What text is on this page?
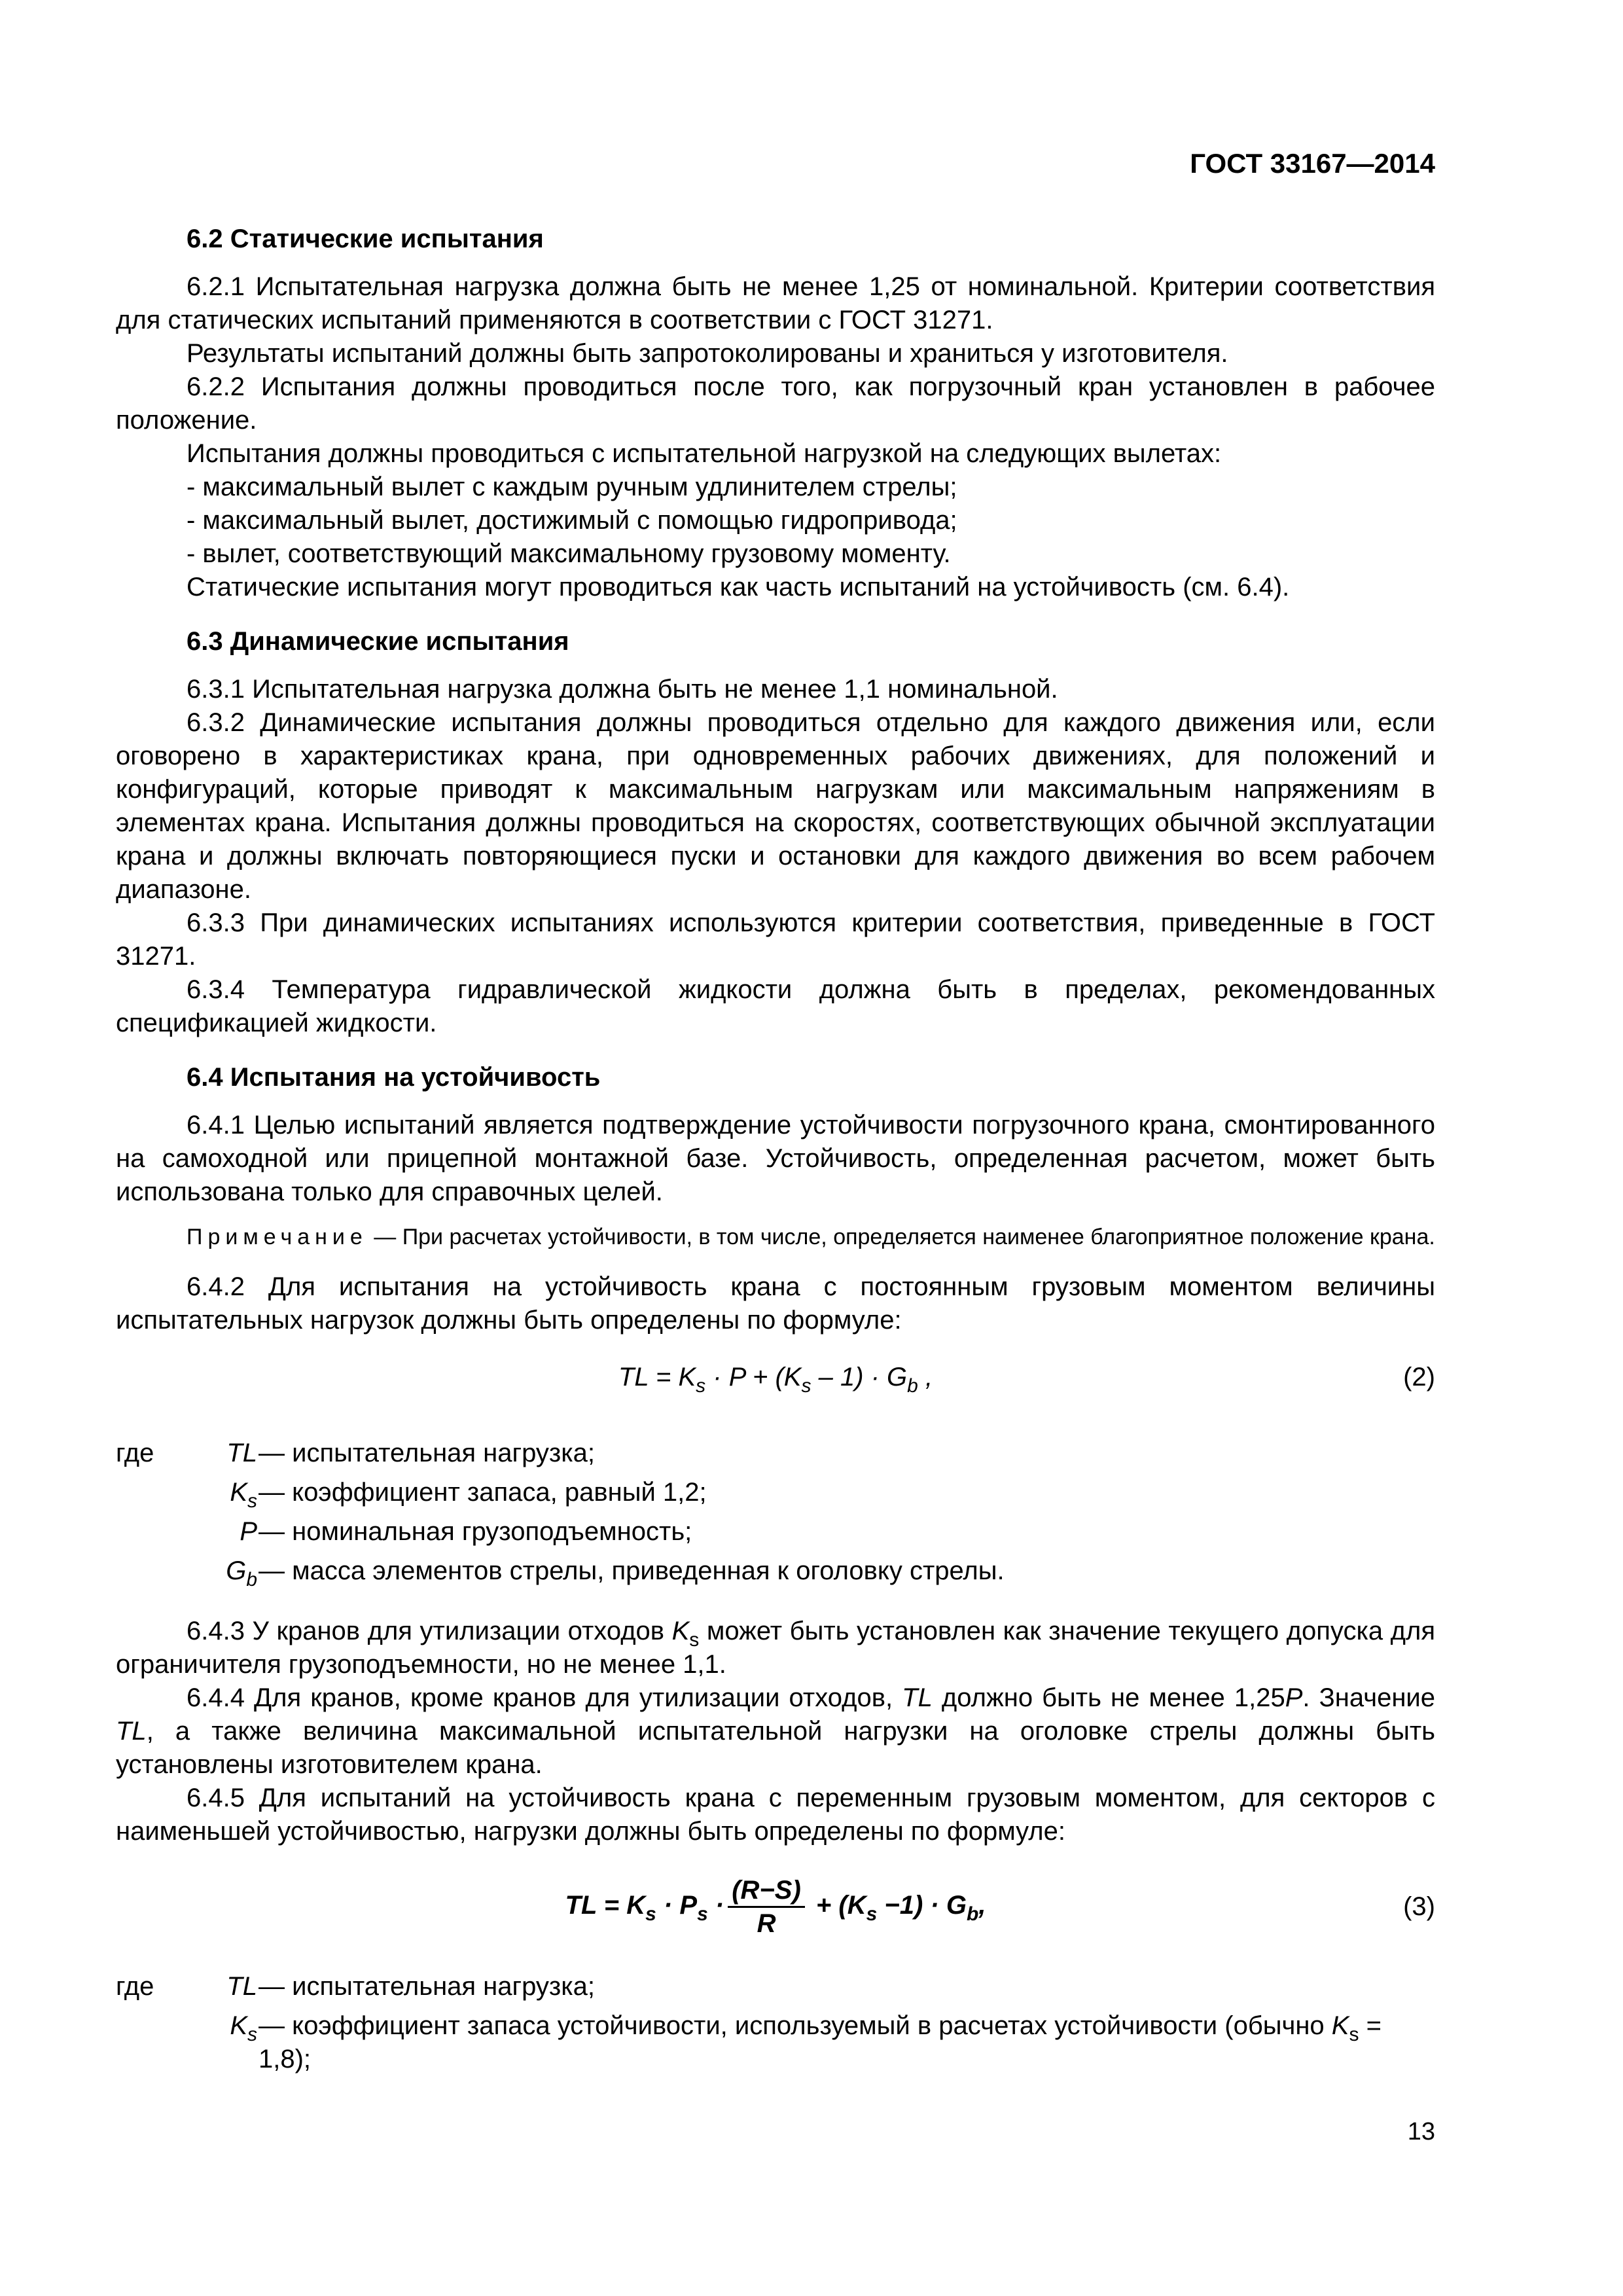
ГОСТ 33167—2014
6.2 Статические испытания

6.2.1 Испытательная нагрузка должна быть не менее 1,25 от номинальной. Критерии соответствия для статических испытаний применяются в соответствии с ГОСТ 31271.

Результаты испытаний должны быть запротоколированы и храниться у изготовителя.

6.2.2 Испытания должны проводиться после того, как погрузочный кран установлен в рабочее положение.

Испытания должны проводиться с испытательной нагрузкой на следующих вылетах:

- максимальный вылет с каждым ручным удлинителем стрелы;

- максимальный вылет, достижимый с помощью гидропривода;

- вылет, соответствующий максимальному грузовому моменту.

Статические испытания могут проводиться как часть испытаний на устойчивость (см. 6.4).

6.3 Динамические испытания

6.3.1 Испытательная нагрузка должна быть не менее 1,1 номинальной.

6.3.2 Динамические испытания должны проводиться отдельно для каждого движения или, если оговорено в характеристиках крана, при одновременных рабочих движениях, для положений и конфигураций, которые приводят к максимальным нагрузкам или максимальным напряжениям в элементах крана. Испытания должны проводиться на скоростях, соответствующих обычной эксплуатации крана и должны включать повторяющиеся пуски и остановки для каждого движения во всем рабочем диапазоне.

6.3.3 При динамических испытаниях используются критерии соответствия, приведенные в ГОСТ 31271.

6.3.4 Температура гидравлической жидкости должна быть в пределах, рекомендованных спецификацией жидкости.

6.4 Испытания на устойчивость

6.4.1 Целью испытаний является подтверждение устойчивости погрузочного крана, смонтированного на самоходной или прицепной монтажной базе. Устойчивость, определенная расчетом, может быть использована только для справочных целей.

Примечание — При расчетах устойчивости, в том числе, определяется наименее благоприятное положение крана.

6.4.2 Для испытания на устойчивость крана с постоянным грузовым моментом величины испытательных нагрузок должны быть определены по формуле:

TL = $K_s \cdot P + (K_s - 1) \cdot G_b$ ,	(2)
где	TL — испытательная нагрузка;
$K_s$ — коэффициент запаса, равный 1,2;
P — номинальная грузоподъемность;
$G_b$ — масса элементов стрелы, приведенная к оголовку стрелы.

6.4.3 У кранов для утилизации отходов $K_s$ может быть установлен как значение текущего допуска для ограничителя грузоподъемности, но не менее 1,1.

6.4.4 Для кранов, кроме кранов для утилизации отходов, TL должно быть не менее 1,25P. Значение TL, а также величина максимальной испытательной нагрузки на оголовке стрелы должны быть установлены изготовителем крана.

6.4.5 Для испытаний на устойчивость крана с переменным грузовым моментом, для секторов с наименьшей устойчивостью, нагрузки должны быть определены по формуле:

TL = $K_s \cdot P_s \cdot \frac{(R-S)}{R} + (K_s -1) \cdot G_b$,	(3)
где	TL — испытательная нагрузка;
$K_s$ — коэффициент запаса устойчивости, используемый в расчетах устойчивости (обычно $K_s = 1,8$);
13
